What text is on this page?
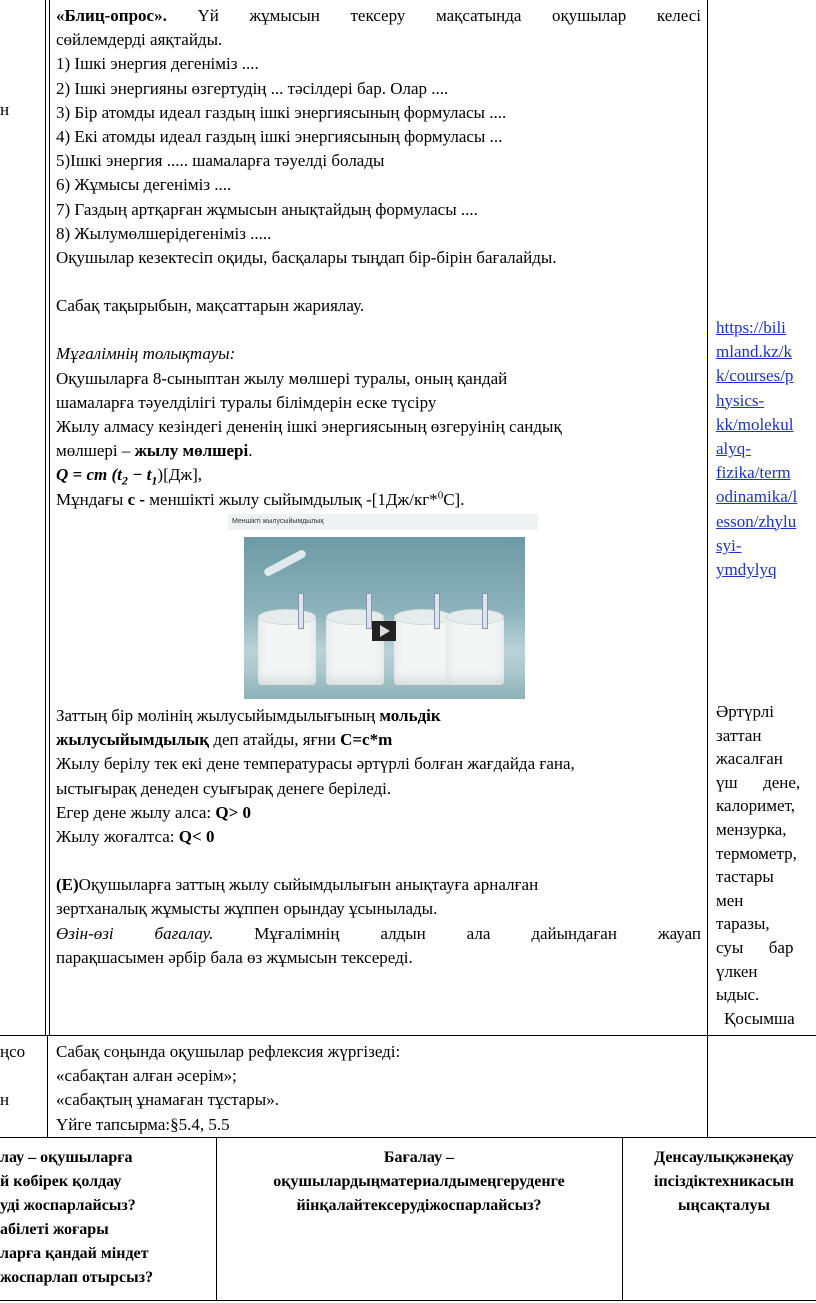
н
ңсо
н
«Блиц-опрос». Үй жұмысын тексеру мақсатында оқушылар келесі
сөйлемдерді аяқтайды.
1) Ішкі энергия дегеніміз ....
2) Ішкі энергияны өзгертудің ... тәсілдері бар. Олар ....
3) Бір атомды идеал газдың ішкі энергиясының формуласы ....
4) Екі атомды идеал газдың ішкі энергиясының формуласы ...
5)Ішкі энергия ..... шамаларға тәуелді болады
6) Жұмысы дегеніміз ....
7) Газдың артқарған жұмысын анықтайдың формуласы ....
8) Жылумөлшерідегеніміз .....
Оқушылар кезектесіп оқиды, басқалары тыңдап бір-бірін бағалайды.
Сабақ тақырыбын, мақсаттарын жариялау.
Мұғалімнің толықтауы:
Оқушыларға 8-сыныптан жылу мөлшері туралы, оның қандай
шамаларға тәуелділігі туралы білімдерін еске түсіру
Жылу алмасу кезіндегі дененің ішкі энергиясының өзгеруінің сандық
мөлшері – жылу мөлшері.
Q = cm $(t_2 - t_1)[Дж]$,
Мұндағы с - меншікті жылу сыйымдылық -[1Дж/кг*$^0$С].
Меншікті жылусыйымдылық
Заттың бір молінің жылусыйымдылығының мольдік
жылусыйымдылық деп атайды, яғни С=с*m
Жылу берілу тек екі дене температурасы әртүрлі болған жағдайда ғана,
ыстығырақ денеден суығырақ денеге беріледі.
Егер дене жылу алса: Q> 0
Жылу жоғалтса: Q< 0
(Е)Оқушыларға заттың жылу сыйымдылығын анықтауға арналған
зертханалық жұмысты жұппен орындау ұсынылады.
Өзін-өзі бағалау. Мұғалімнің алдын ала дайындаған жауап
парақшасымен әрбір бала өз жұмысын тексереді.
https://bili
mland.kz/k
k/courses/p
hysics-
kk/molekul
alyq-
fizika/term
odinamika/l
esson/zhylu
syi-
ymdylyq
Әртүрлі
заттан
жасалған
үш      дене,
калоримет,
мензурка,
термометр,
тастары
мен
таразы,
суы      бар
үлкен
ыдыс.
Қосымша
Сабақ соңында оқушылар рефлексия жүргізеді:
«сабақтан алған әсерім»;
«сабақтың ұнамаған тұстары».
Үйге тапсырма:§5.4, 5.5
лау – оқушыларға
й көбірек қолдау
уді жоспарлайсыз?
абілеті жоғары
ларға қандай міндет
жоспарлап отырсыз?
Бағалау –
оқушылардыңматериалдымеңгеруденге
йінқалайтексерудіжоспарлайсыз?
Денсаулықжәнеқау
іпсіздіктехникасын
ыңсақталуы
